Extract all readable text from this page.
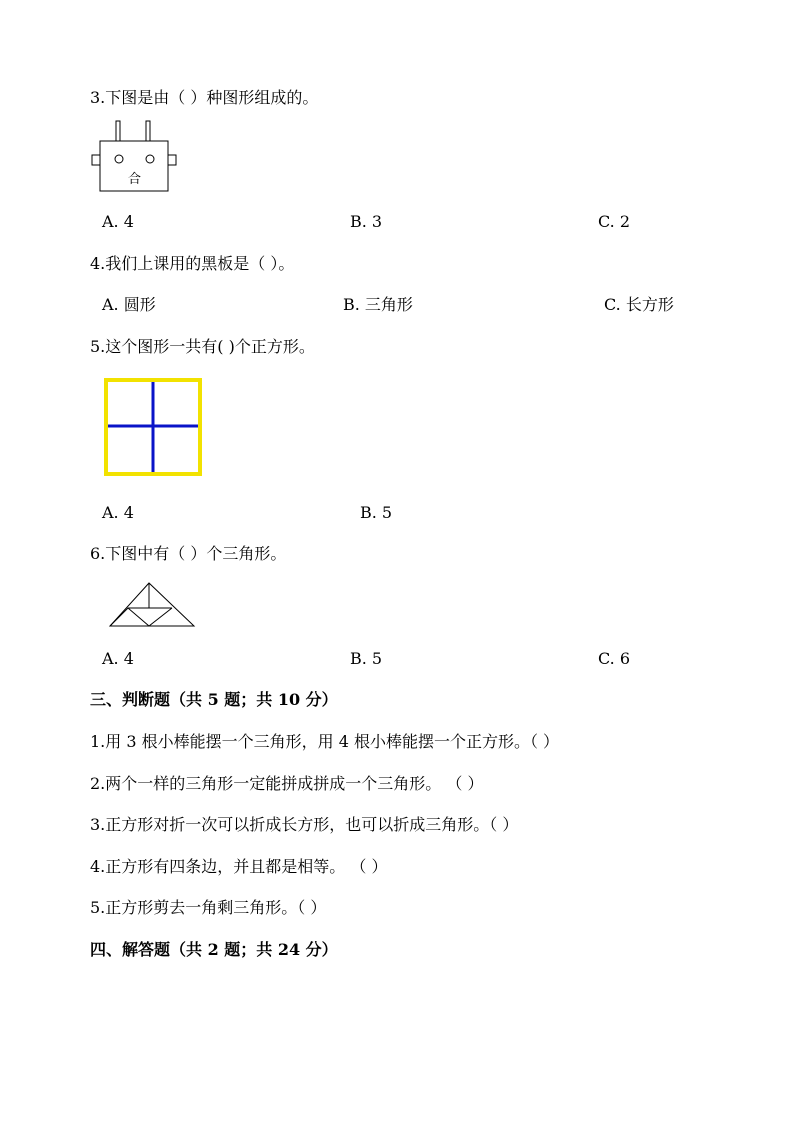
3.下图是由（ ）种图形组成的。
合
A. 4	B. 3	C. 2
4.我们上课用的黑板是（ ）。
A. 圆形	B. 三角形	C. 长方形
5.这个图形一共有( )个正方形。
A. 4	B. 5
6.下图中有（ ）个三角形。
A. 4	B. 5	C. 6
三、判断题（共 5 题；共 10 分）
1.用 3 根小棒能摆一个三角形，用 4 根小棒能摆一个正方形。（ ）
2.两个一样的三角形一定能拼成拼成一个三角形。 （ ）
3.正方形对折一次可以折成长方形，也可以折成三角形。（ ）
4.正方形有四条边，并且都是相等。 （ ）
5.正方形剪去一角剩三角形。（ ）
四、解答题（共 2 题；共 24 分）
